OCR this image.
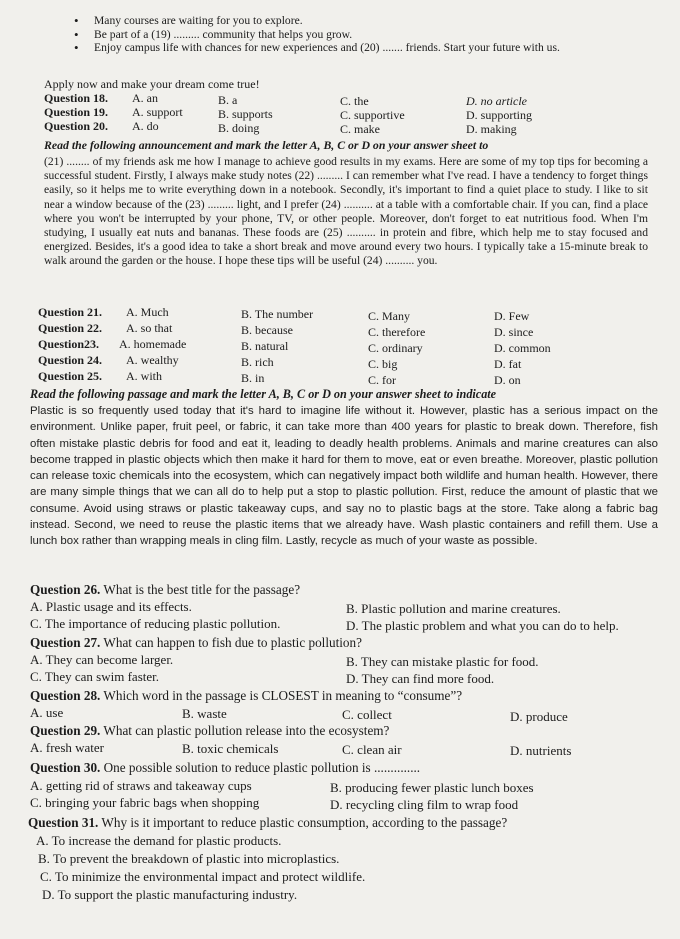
• Many courses are waiting for you to explore.
• Be part of a (19) ......... community that helps you grow.
• Enjoy campus life with chances for new experiences and (20) ....... friends. Start your future with us.
Apply now and make your dream come true!
Question 18. A. an	B. a	C. the	D. no article
Question 19. A. support	B. supports	C. supportive	D. supporting
Question 20. A. do	B. doing	C. make	D. making
Read the following announcement and mark the letter A, B, C or D on your answer sheet to
(21) ........ of my friends ask me how I manage to achieve good results in my exams. Here are some of my top tips for becoming a successful student. Firstly, I always make study notes (22) ......... I can remember what I've read. I have a tendency to forget things easily, so it helps me to write everything down in a notebook. Secondly, it's important to find a quiet place to study. I like to sit near a window because of the (23) ......... light, and I prefer (24) .......... at a table with a comfortable chair. If you can, find a place where you won't be interrupted by your phone, TV, or other people. Moreover, don't forget to eat nutritious food. When I'm studying, I usually eat nuts and bananas. These foods are (25) .......... in protein and fibre, which help me to stay focused and energized. Besides, it's a good idea to take a short break and move around every two hours. I typically take a 15-minute break to walk around the garden or the house. I hope these tips will be useful (24) .......... you.
Question 21. A. Much	B. The number	C. Many	D. Few
Question 22. A. so that	B. because	C. therefore	D. since
Question23. A. homemade	B. natural	C. ordinary	D. common
Question 24. A. wealthy	B. rich	C. big	D. fat
Question 25. A. with	B. in	C. for	D. on
Read the following passage and mark the letter A, B, C or D on your answer sheet to indicate
Plastic is so frequently used today that it's hard to imagine life without it. However, plastic has a serious impact on the environment. Unlike paper, fruit peel, or fabric, it can take more than 400 years for plastic to break down. Therefore, fish often mistake plastic debris for food and eat it, leading to deadly health problems. Animals and marine creatures can also become trapped in plastic objects which then make it hard for them to move, eat or even breathe. Moreover, plastic pollution can release toxic chemicals into the ecosystem, which can negatively impact both wildlife and human health. However, there are many simple things that we can all do to help put a stop to plastic pollution. First, reduce the amount of plastic that we consume. Avoid using straws or plastic takeaway cups, and say no to plastic bags at the store. Take along a fabric bag instead. Second, we need to reuse the plastic items that we already have. Wash plastic containers and refill them. Use a lunch box rather than wrapping meals in cling film. Lastly, recycle as much of your waste as possible.
Question 26. What is the best title for the passage?
A. Plastic usage and its effects.	B. Plastic pollution and marine creatures.
C. The importance of reducing plastic pollution.	D. The plastic problem and what you can do to help.
Question 27. What can happen to fish due to plastic pollution?
A. They can become larger.	B. They can mistake plastic for food.
C. They can swim faster.	D. They can find more food.
Question 28. Which word in the passage is CLOSEST in meaning to “consume”?
A. use	B. waste	C. collect	D. produce
Question 29. What can plastic pollution release into the ecosystem?
A. fresh water	B. toxic chemicals	C. clean air	D. nutrients
Question 30. One possible solution to reduce plastic pollution is ..............
A. getting rid of straws and takeaway cups	B. producing fewer plastic lunch boxes
C. bringing your fabric bags when shopping	D. recycling cling film to wrap food
Question 31. Why is it important to reduce plastic consumption, according to the passage?
A. To increase the demand for plastic products.
B. To prevent the breakdown of plastic into microplastics.
C. To minimize the environmental impact and protect wildlife.
D. To support the plastic manufacturing industry.
